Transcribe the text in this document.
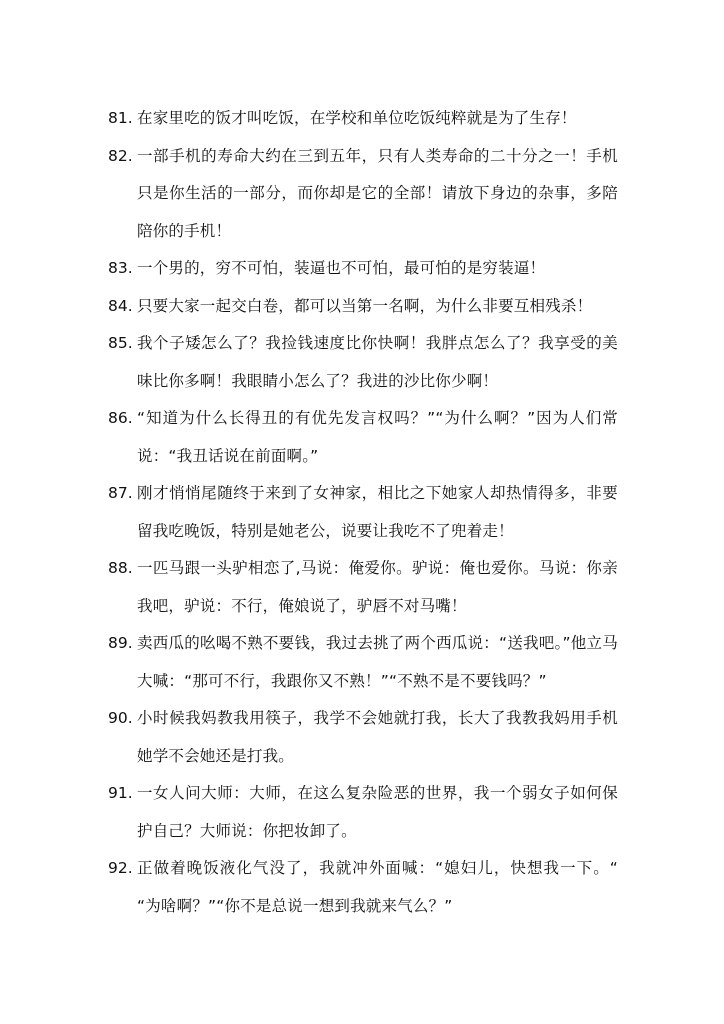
81. 在家里吃的饭才叫吃饭，在学校和单位吃饭纯粹就是为了生存！
82. 一部手机的寿命大约在三到五年，只有人类寿命的二十分之一！手机只是你生活的一部分，而你却是它的全部！请放下身边的杂事，多陪陪你的手机！
83. 一个男的，穷不可怕，装逼也不可怕，最可怕的是穷装逼！
84. 只要大家一起交白卷，都可以当第一名啊，为什么非要互相残杀！
85. 我个子矮怎么了？我捡钱速度比你快啊！我胖点怎么了？我享受的美味比你多啊！我眼睛小怎么了？我进的沙比你少啊！
86. “知道为什么长得丑的有优先发言权吗？”“为什么啊？”因为人们常说：“我丑话说在前面啊。”
87. 刚才悄悄尾随终于来到了女神家，相比之下她家人却热情得多，非要留我吃晚饭，特别是她老公，说要让我吃不了兜着走！
88. 一匹马跟一头驴相恋了,马说：俺爱你。驴说：俺也爱你。马说：你亲我吧，驴说：不行，俺娘说了，驴唇不对马嘴！
89. 卖西瓜的吆喝不熟不要钱，我过去挑了两个西瓜说：“送我吧。”他立马大喊：“那可不行，我跟你又不熟！”“不熟不是不要钱吗？”
90. 小时候我妈教我用筷子，我学不会她就打我，长大了我教我妈用手机她学不会她还是打我。
91. 一女人问大师：大师，在这么复杂险恶的世界，我一个弱女子如何保护自己？大师说：你把妆卸了。
92. 正做着晚饭液化气没了，我就冲外面喊：“媳妇儿，快想我一下。“ “为啥啊？”“你不是总说一想到我就来气么？”
